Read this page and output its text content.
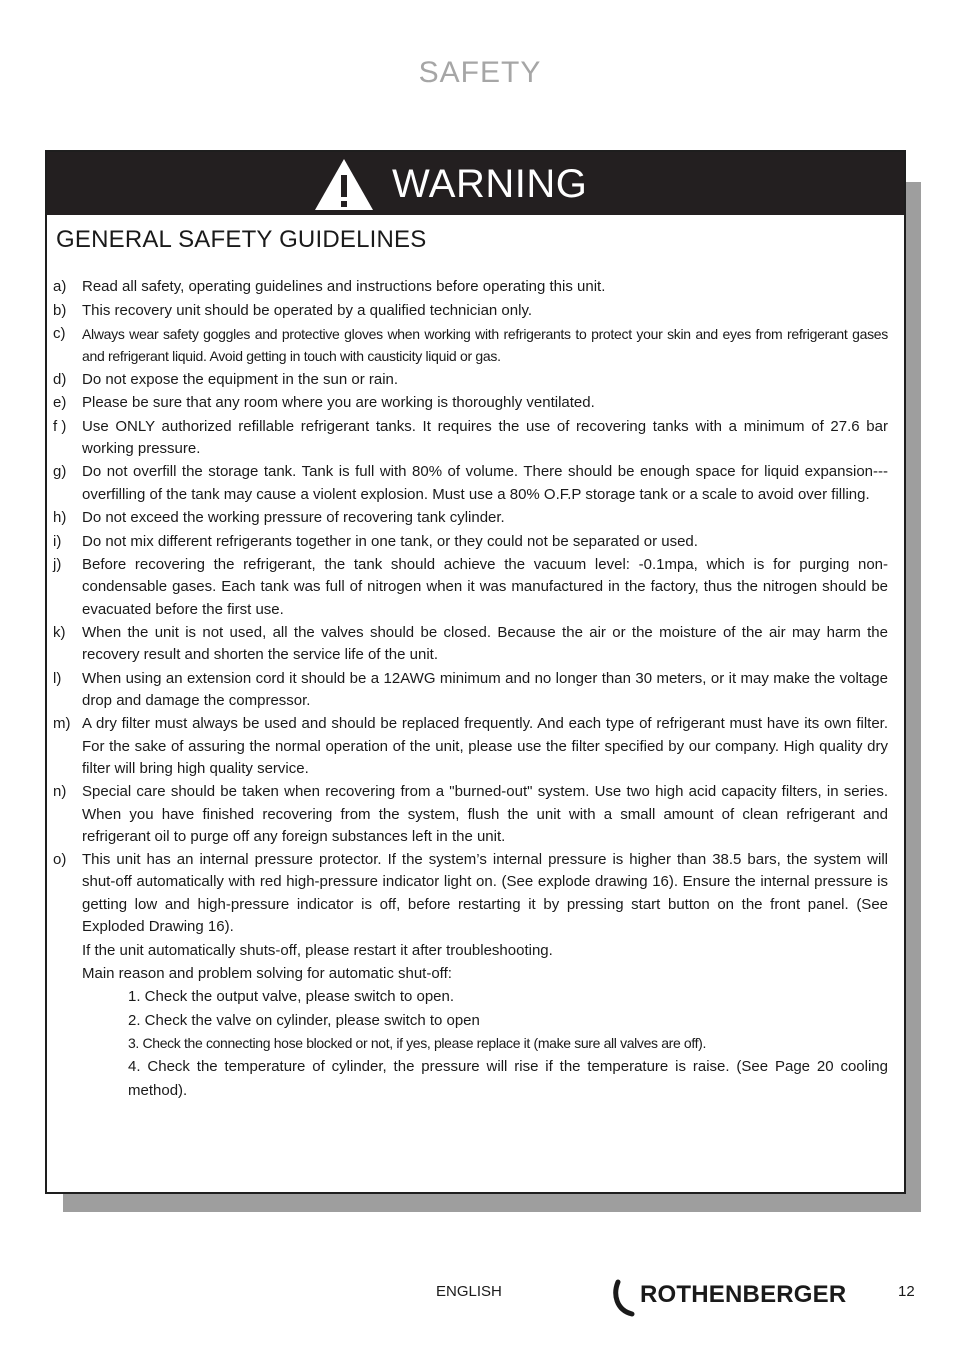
SAFETY
WARNING
GENERAL SAFETY GUIDELINES
a) Read all safety, operating guidelines and instructions before operating this unit.
b) This recovery unit should be operated by a qualified technician only.
c) Always wear safety goggles and protective gloves when working with refrigerants to protect your skin and eyes from refrigerant gases and refrigerant liquid. Avoid getting in touch with causticity liquid or gas.
d) Do not expose the equipment in the sun or rain.
e) Please be sure that any room where you are working is thoroughly ventilated.
f ) Use ONLY authorized refillable refrigerant tanks. It requires the use of recovering tanks with a minimum of 27.6 bar working pressure.
g) Do not overfill the storage tank. Tank is full with 80% of volume. There should be enough space for liquid expansion---overfilling of the tank may cause a violent explosion. Must use a 80% O.F.P storage tank or a scale to avoid over filling.
h) Do not exceed the working pressure of recovering tank cylinder.
i) Do not mix different refrigerants together in one tank, or they could not be separated or used.
j) Before recovering the refrigerant, the tank should achieve the vacuum level: -0.1mpa, which is for purging non-condensable gases. Each tank was full of nitrogen when it was manufactured in the factory, thus the nitrogen should be evacuated before the first use.
k) When the unit is not used, all the valves should be closed. Because the air or the moisture of the air may harm the recovery result and shorten the service life of the unit.
l) When using an extension cord it should be a 12AWG minimum and no longer than 30 meters, or it may make the voltage drop and damage the compressor.
m) A dry filter must always be used and should be replaced frequently. And each type of refrigerant must have its own filter. For the sake of assuring the normal operation of the unit, please use the filter specified by our company. High quality dry filter will bring high quality service.
n) Special care should be taken when recovering from a "burned-out" system. Use two high acid capacity filters, in series. When you have finished recovering from the system, flush the unit with a small amount of clean refrigerant and refrigerant oil to purge off any foreign substances left in the unit.
o) This unit has an internal pressure protector. If the system’s internal pressure is higher than 38.5 bars, the system will shut-off automatically with red high-pressure indicator light on. (See explode drawing 16). Ensure the internal pressure is getting low and high-pressure indicator is off, before restarting it by pressing start button on the front panel. (See Exploded Drawing 16).
If the unit automatically shuts-off, please restart it after troubleshooting.
Main reason and problem solving for automatic shut-off:
1. Check the output valve, please switch to open.
2. Check the valve on cylinder, please switch to open
3. Check the connecting hose blocked or not, if yes, please replace it (make sure all valves are off).
4. Check the temperature of cylinder, the pressure will rise if the temperature is raise. (See Page 20 cooling method).
ENGLISH	ROTHENBERGER	12
